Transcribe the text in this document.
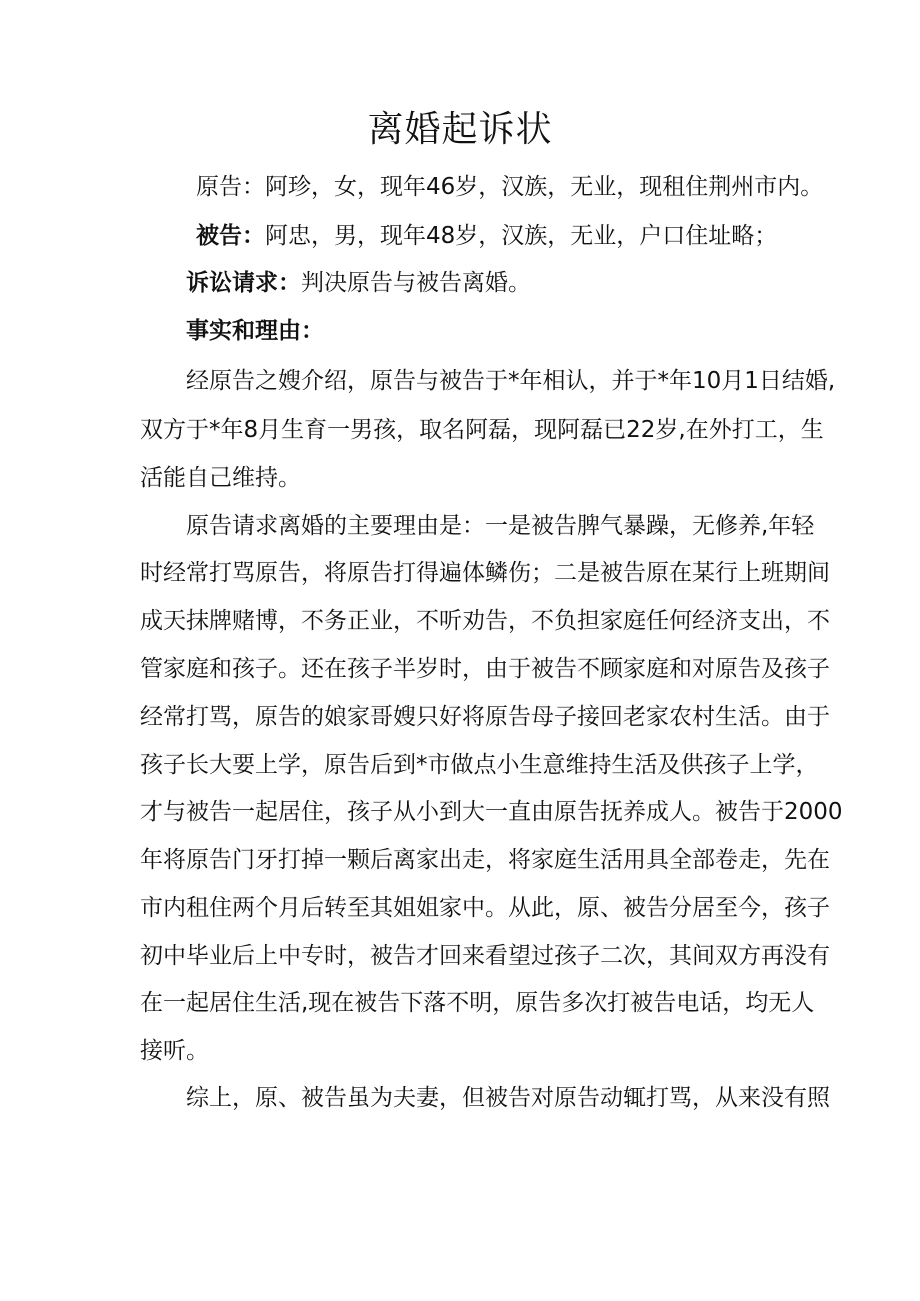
离婚起诉状
原告：阿珍，女，现年46岁，汉族，无业，现租住荆州市内。
被告：阿忠，男，现年48岁，汉族，无业，户口住址略；
诉讼请求：判决原告与被告离婚。
事实和理由：
经原告之嫂介绍，原告与被告于*年相认，并于*年10月1日结婚,
双方于*年8月生育一男孩，取名阿磊，现阿磊已22岁,在外打工，生
活能自己维持。
原告请求离婚的主要理由是：一是被告脾气暴躁，无修养,年轻
时经常打骂原告，将原告打得遍体鳞伤；二是被告原在某行上班期间
成天抹牌赌博，不务正业，不听劝告，不负担家庭任何经济支出，不
管家庭和孩子。还在孩子半岁时，由于被告不顾家庭和对原告及孩子
经常打骂，原告的娘家哥嫂只好将原告母子接回老家农村生活。由于
孩子长大要上学，原告后到*市做点小生意维持生活及供孩子上学，
才与被告一起居住，孩子从小到大一直由原告抚养成人。被告于2000
年将原告门牙打掉一颗后离家出走，将家庭生活用具全部卷走，先在
市内租住两个月后转至其姐姐家中。从此，原、被告分居至今，孩子
初中毕业后上中专时，被告才回来看望过孩子二次，其间双方再没有
在一起居住生活,现在被告下落不明，原告多次打被告电话，均无人
接听。
综上，原、被告虽为夫妻，但被告对原告动辄打骂，从来没有照
